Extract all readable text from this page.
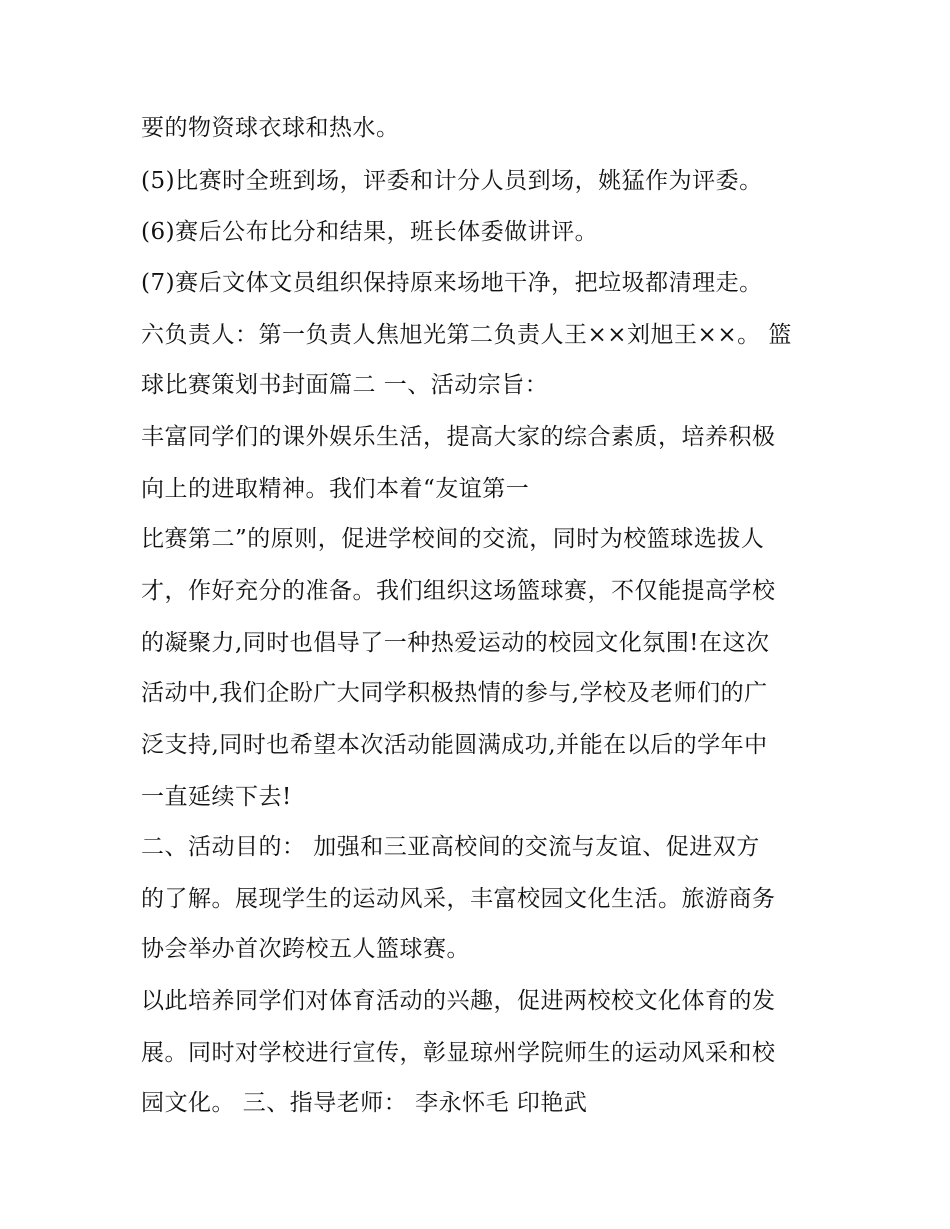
要的物资球衣球和热水。
(5)比赛时全班到场，评委和计分人员到场，姚猛作为评委。
(6)赛后公布比分和结果，班长体委做讲评。
(7)赛后文体文员组织保持原来场地干净，把垃圾都清理走。
六负责人：第一负责人焦旭光第二负责人王××刘旭王××。 篮
球比赛策划书封面篇二 一、活动宗旨：
丰富同学们的课外娱乐生活，提高大家的综合素质，培养积极
向上的进取精神。我们本着“友谊第一
比赛第二”的原则，促进学校间的交流，同时为校篮球选拔人
才，作好充分的准备。我们组织这场篮球赛，不仅能提高学校
的凝聚力,同时也倡导了一种热爱运动的校园文化氛围!在这次
活动中,我们企盼广大同学积极热情的参与,学校及老师们的广
泛支持,同时也希望本次活动能圆满成功,并能在以后的学年中
一直延续下去!
二、活动目的： 加强和三亚高校间的交流与友谊、促进双方
的了解。展现学生的运动风采，丰富校园文化生活。旅游商务
协会举办首次跨校五人篮球赛。
以此培养同学们对体育活动的兴趣，促进两校校文化体育的发
展。同时对学校进行宣传，彰显琼州学院师生的运动风采和校
园文化。 三、指导老师： 李永怀毛 印艳武
